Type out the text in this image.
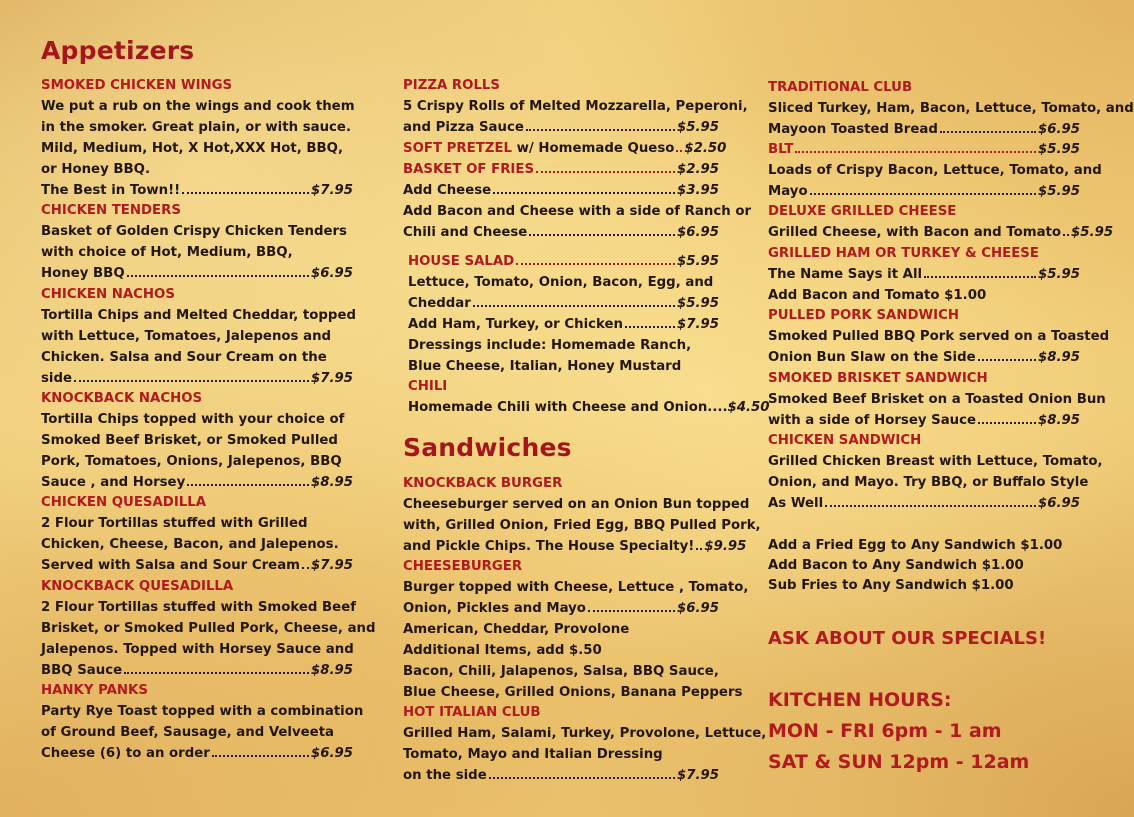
Appetizers
SMOKED CHICKEN WINGS
We put a rub on the wings and cook them
in the smoker. Great plain, or with sauce.
Mild, Medium, Hot, X Hot,XXX Hot, BBQ,
or Honey BBQ.
The Best in Town!!	$7.95
CHICKEN TENDERS
Basket of Golden Crispy Chicken Tenders
with choice of Hot, Medium, BBQ,
Honey BBQ	$6.95
CHICKEN NACHOS
Tortilla Chips and Melted Cheddar, topped
with Lettuce, Tomatoes, Jalepenos and
Chicken. Salsa and Sour Cream on the
side	$7.95
KNOCKBACK NACHOS
Tortilla Chips topped with your choice of
Smoked Beef Brisket, or Smoked Pulled
Pork, Tomatoes, Onions, Jalepenos, BBQ
Sauce , and Horsey	$8.95
CHICKEN QUESADILLA
2 Flour Tortillas stuffed with Grilled
Chicken, Cheese, Bacon, and Jalepenos.
Served with Salsa and Sour Cream $7.95
KNOCKBACK QUESADILLA
2 Flour Tortillas stuffed with Smoked Beef
Brisket, or Smoked Pulled Pork, Cheese, and
Jalepenos. Topped with Horsey Sauce and
BBQ Sauce	$8.95
HANKY PANKS
Party Rye Toast topped with a combination
of Ground Beef, Sausage, and Velveeta
Cheese (6) to an order	$6.95
PIZZA ROLLS
5 Crispy Rolls of Melted Mozzarella, Peperoni,
and Pizza Sauce	$5.95
SOFT PRETZEL w/ Homemade Queso $2.50
BASKET OF FRIES	$2.95
Add Cheese	$3.95
Add Bacon and Cheese with a side of Ranch or
Chili and Cheese	$6.95
HOUSE SALAD	$5.95
Lettuce, Tomato, Onion, Bacon, Egg, and
Cheddar	$5.95
Add Ham, Turkey, or Chicken	$7.95
Dressings include: Homemade Ranch,
Blue Cheese, Italian, Honey Mustard
CHILI
Homemade Chili with Cheese and Onion....$4.50
Sandwiches
KNOCKBACK BURGER
Cheeseburger served on an Onion Bun topped
with, Grilled Onion, Fried Egg, BBQ Pulled Pork,
and Pickle Chips. The House Specialty! $9.95
CHEESEBURGER
Burger topped with Cheese, Lettuce , Tomato,
Onion, Pickles and Mayo	$6.95
American, Cheddar, Provolone
Additional Items, add $.50
Bacon, Chili, Jalapenos, Salsa, BBQ Sauce,
Blue Cheese, Grilled Onions, Banana Peppers
HOT ITALIAN CLUB
Grilled Ham, Salami, Turkey, Provolone, Lettuce,
Tomato, Mayo and Italian Dressing
on the side	$7.95
TRADITIONAL CLUB
Sliced Turkey, Ham, Bacon, Lettuce, Tomato, and
Mayoon Toasted Bread	$6.95
BLT	$5.95
Loads of Crispy Bacon, Lettuce, Tomato, and
Mayo	$5.95
DELUXE GRILLED CHEESE
Grilled Cheese, with Bacon and Tomato $5.95
GRILLED HAM OR TURKEY & CHEESE
The Name Says it All	$5.95
Add Bacon and Tomato $1.00
PULLED PORK SANDWICH
Smoked Pulled BBQ Pork served on a Toasted
Onion Bun Slaw on the Side	$8.95
SMOKED BRISKET SANDWICH
Smoked Beef Brisket on a Toasted Onion Bun
with a side of Horsey Sauce	$8.95
CHICKEN SANDWICH
Grilled Chicken Breast with Lettuce, Tomato,
Onion, and Mayo. Try BBQ, or Buffalo Style
As Well	$6.95
Add a Fried Egg to Any Sandwich $1.00
Add Bacon to Any Sandwich $1.00
Sub Fries to Any Sandwich $1.00
ASK ABOUT OUR SPECIALS!
KITCHEN HOURS:
MON - FRI 6pm - 1 am
SAT & SUN 12pm - 12am
